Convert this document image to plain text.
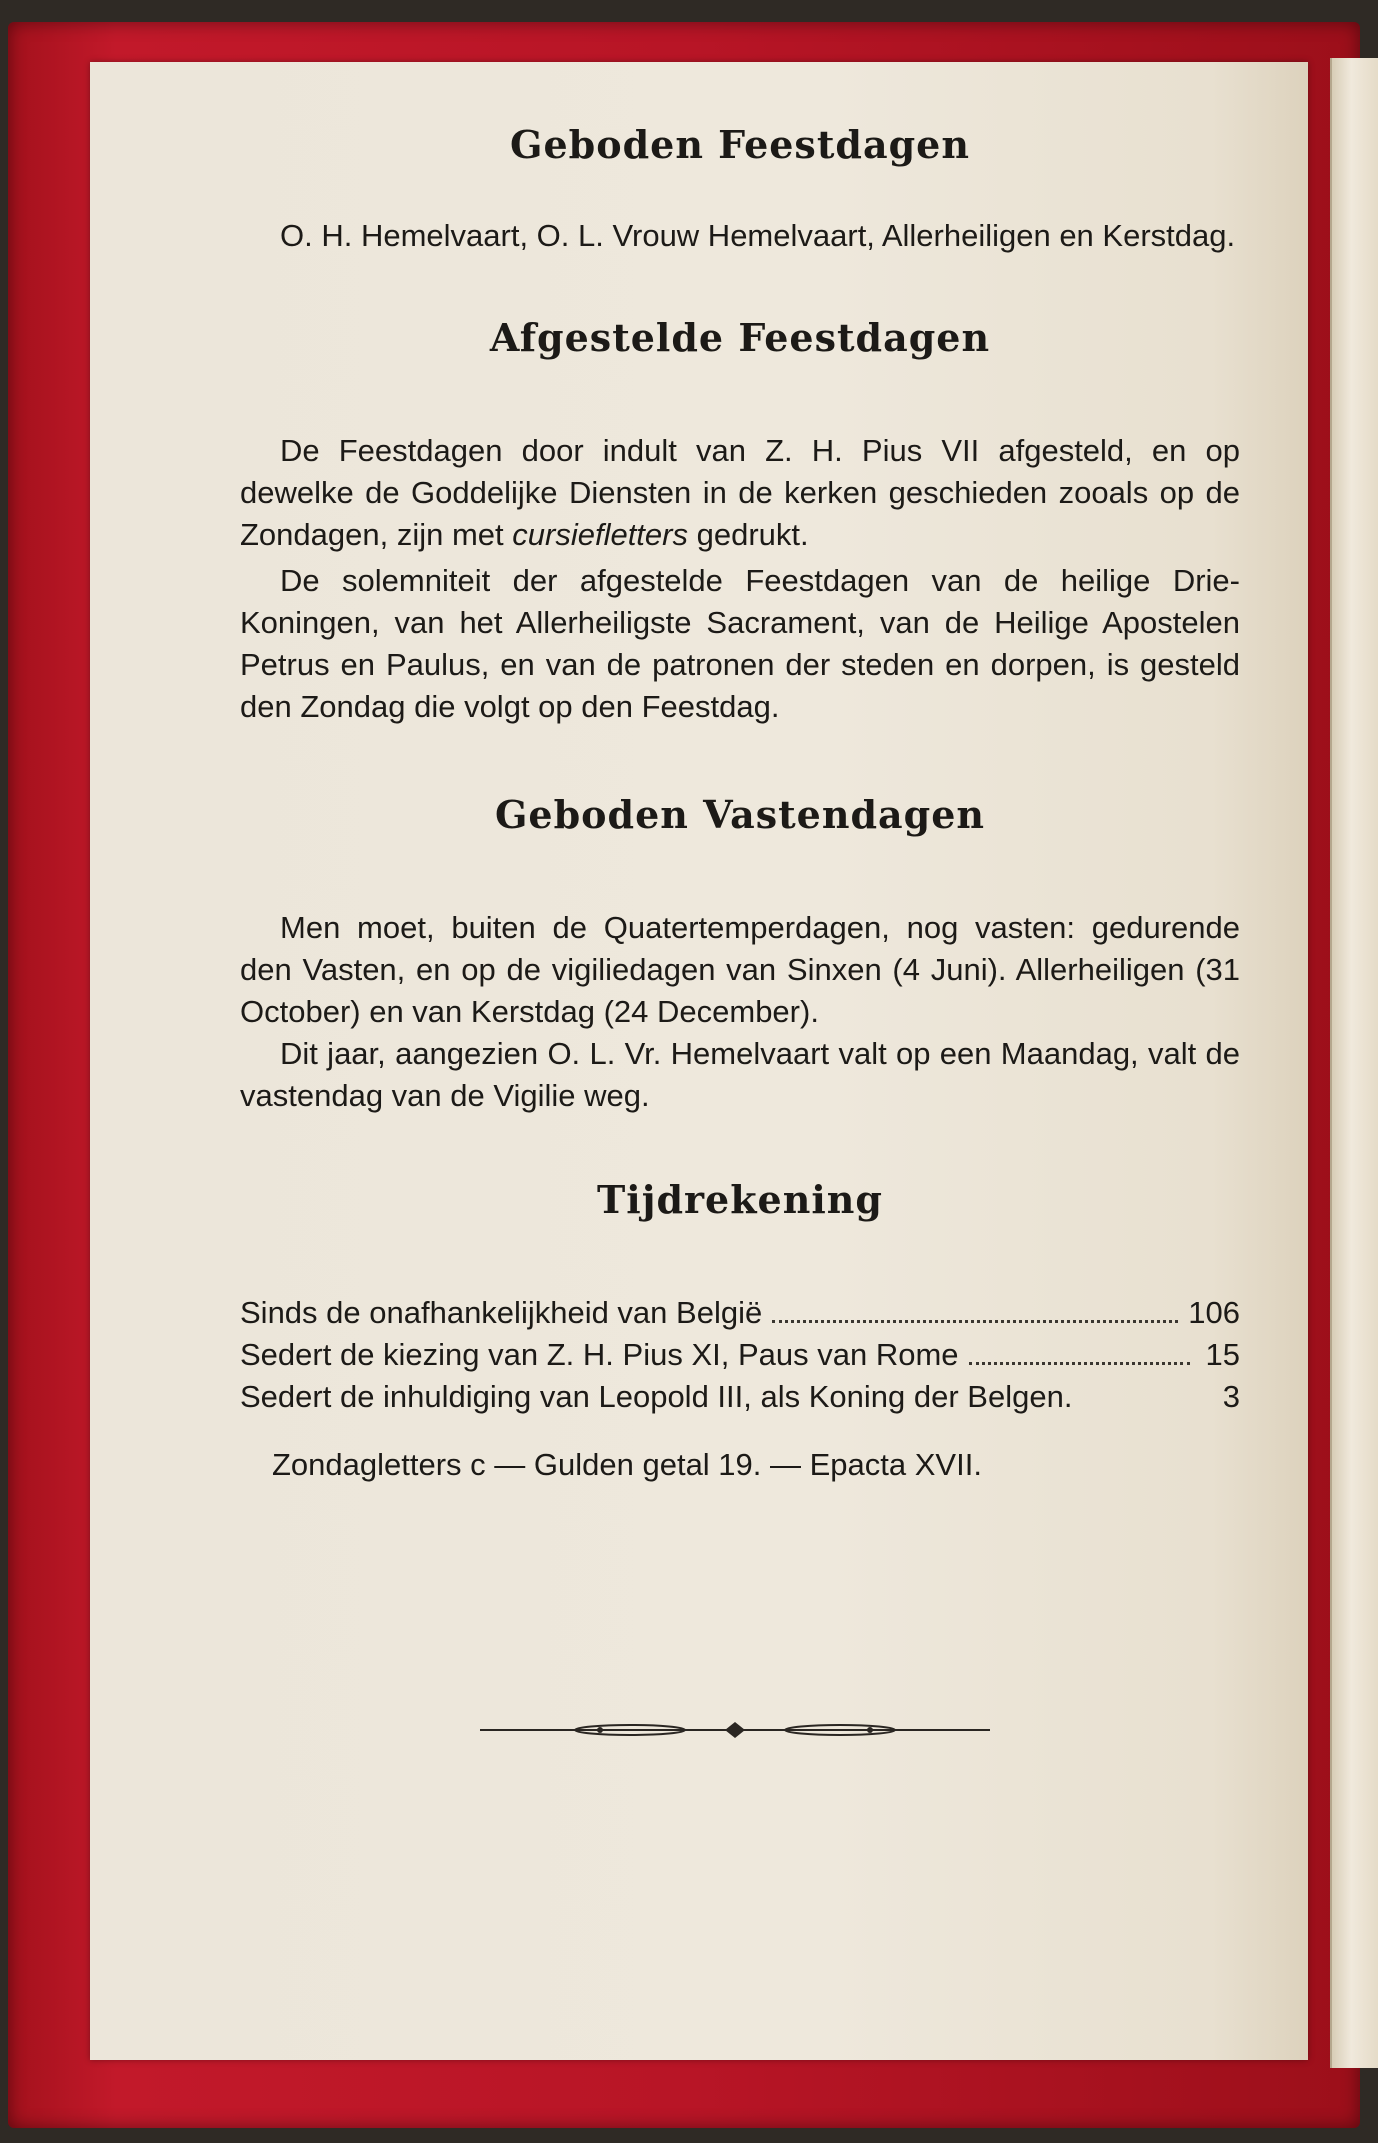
Geboden Feestdagen

O. H. Hemelvaart, O. L. Vrouw Hemelvaart, Allerheiligen en Kerstdag.

Afgestelde Feestdagen

De Feestdagen door indult van Z. H. Pius VII afgesteld, en op dewelke de Goddelijke Diensten in de kerken geschieden zooals op de Zondagen, zijn met cursiefletters gedrukt.

De solemniteit der afgestelde Feestdagen van de heilige Drie-Koningen, van het Allerheiligste Sacrament, van de Heilige Apostelen Petrus en Paulus, en van de patronen der steden en dorpen, is gesteld den Zondag die volgt op den Feestdag.

Geboden Vastendagen

Men moet, buiten de Quatertemperdagen, nog vasten: gedurende den Vasten, en op de vigiliedagen van Sinxen (4 Juni). Allerheiligen (31 October) en van Kerstdag (24 December).

Dit jaar, aangezien O. L. Vr. Hemelvaart valt op een Maandag, valt de vastendag van de Vigilie weg.

Tijdrekening
Sinds de onafhankelijkheid van België	106
Sedert de kiezing van Z. H. Pius XI, Paus van Rome	15
Sedert de inhuldiging van Leopold III, als Koning der Belgen.	3

Zondagletters c — Gulden getal 19. — Epacta XVII.
